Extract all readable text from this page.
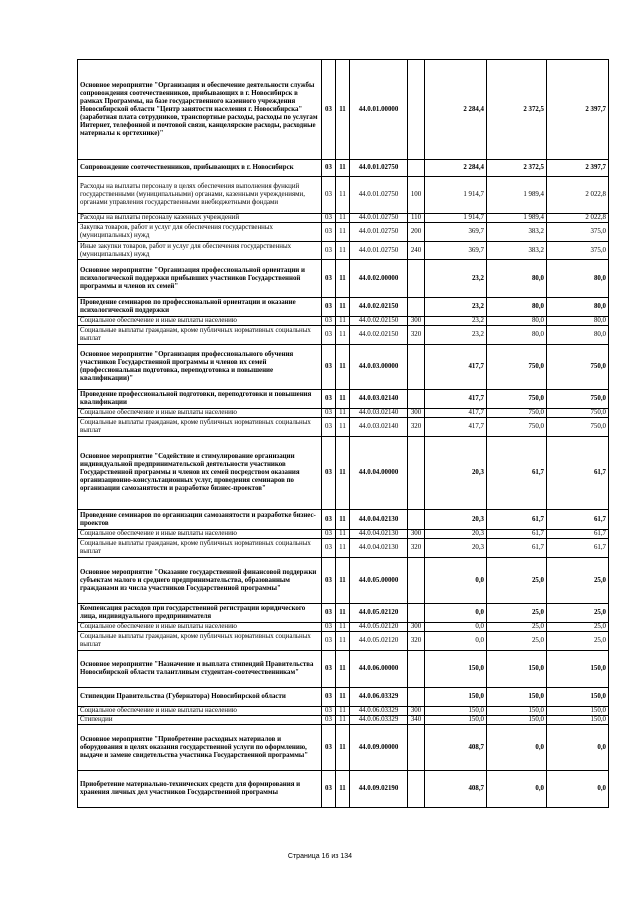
Основное мероприятие "Организация и обеспечение деятельности службы сопровождения соотечественников, прибывающих в г. Новосибирск в рамках Программы, на базе государственного казенного учреждения Новосибирской области "Центр занятости населения г. Новосибирска" (заработная плата сотрудников, транспортные расходы, расходы по услугам Интернет, телефонной и почтовой связи, канцелярские расходы, расходные материалы к оргтехнике)"	03	11	44.0.01.00000		2 284,4	2 372,5	2 397,7
Сопровождение соотечественников, прибывающих в г. Новосибирск	03	11	44.0.01.02750		2 284,4	2 372,5	2 397,7
Расходы на выплаты персоналу в целях обеспечения выполнения функций государственными (муниципальными) органами, казенными учреждениями, органами управления государственными внебюджетными фондами	03	11	44.0.01.02750	100	1 914,7	1 989,4	2 022,8
Расходы на выплаты персоналу казенных учреждений	03	11	44.0.01.02750	110	1 914,7	1 989,4	2 022,8
Закупка товаров, работ и услуг для обеспечения государственных (муниципальных) нужд	03	11	44.0.01.02750	200	369,7	383,2	375,0
Иные закупки товаров, работ и услуг для обеспечения государственных (муниципальных) нужд	03	11	44.0.01.02750	240	369,7	383,2	375,0
Основное мероприятие "Организация профессиональной ориентации и психологической поддержки прибывших участников Государственной программы и членов их семей"	03	11	44.0.02.00000		23,2	80,0	80,0
Проведение семинаров по профессиональной ориентации и оказание психологической поддержки	03	11	44.0.02.02150		23,2	80,0	80,0
Социальное обеспечение и иные выплаты населению	03	11	44.0.02.02150	300	23,2	80,0	80,0
Социальные выплаты гражданам, кроме публичных нормативных социальных выплат	03	11	44.0.02.02150	320	23,2	80,0	80,0
Основное мероприятие "Организация профессионального обучения участников Государственной программы и членов их семей (профессиональная подготовка, переподготовка и повышение квалификации)"	03	11	44.0.03.00000		417,7	750,0	750,0
Проведение профессиональной подготовки, переподготовки и повышения квалификации	03	11	44.0.03.02140		417,7	750,0	750,0
Социальное обеспечение и иные выплаты населению	03	11	44.0.03.02140	300	417,7	750,0	750,0
Социальные выплаты гражданам, кроме публичных нормативных социальных выплат	03	11	44.0.03.02140	320	417,7	750,0	750,0
Основное мероприятие "Содействие и стимулирование организации индивидуальной предпринимательской деятельности участников Государственной программы и членов их семей посредством оказания организационно-консультационных услуг, проведения семинаров по организации самозанятости и разработке бизнес-проектов"	03	11	44.0.04.00000		20,3	61,7	61,7
Проведение семинаров по организации самозанятости и разработке бизнес-проектов	03	11	44.0.04.02130		20,3	61,7	61,7
Социальное обеспечение и иные выплаты населению	03	11	44.0.04.02130	300	20,3	61,7	61,7
Социальные выплаты гражданам, кроме публичных нормативных социальных выплат	03	11	44.0.04.02130	320	20,3	61,7	61,7
Основное мероприятие "Оказание государственной финансовой поддержки субъектам малого и среднего предпринимательства, образованным гражданами из числа участников Государственной программы"	03	11	44.0.05.00000		0,0	25,0	25,0
Компенсация расходов при государственной регистрации юридического лица, индивидуального предпринимателя	03	11	44.0.05.02120		0,0	25,0	25,0
Социальное обеспечение и иные выплаты населению	03	11	44.0.05.02120	300	0,0	25,0	25,0
Социальные выплаты гражданам, кроме публичных нормативных социальных выплат	03	11	44.0.05.02120	320	0,0	25,0	25,0
Основное мероприятие "Назначение и выплата стипендий Правительства Новосибирской области талантливым студентам-соотечественникам"	03	11	44.0.06.00000		150,0	150,0	150,0
Стипендии Правительства (Губернатора) Новосибирской области	03	11	44.0.06.03329		150,0	150,0	150,0
Социальное обеспечение и иные выплаты населению	03	11	44.0.06.03329	300	150,0	150,0	150,0
Стипендии	03	11	44.0.06.03329	340	150,0	150,0	150,0
Основное мероприятие "Приобретение расходных материалов и оборудования в целях оказания государственной услуги по оформлению, выдаче и замене свидетельства участника Государственной программы"	03	11	44.0.09.00000		408,7	0,0	0,0
Приобретение материально-технических средств для формирования и хранения личных дел участников Государственной программы	03	11	44.0.09.02190		408,7	0,0	0,0
Страница 16 из 134
